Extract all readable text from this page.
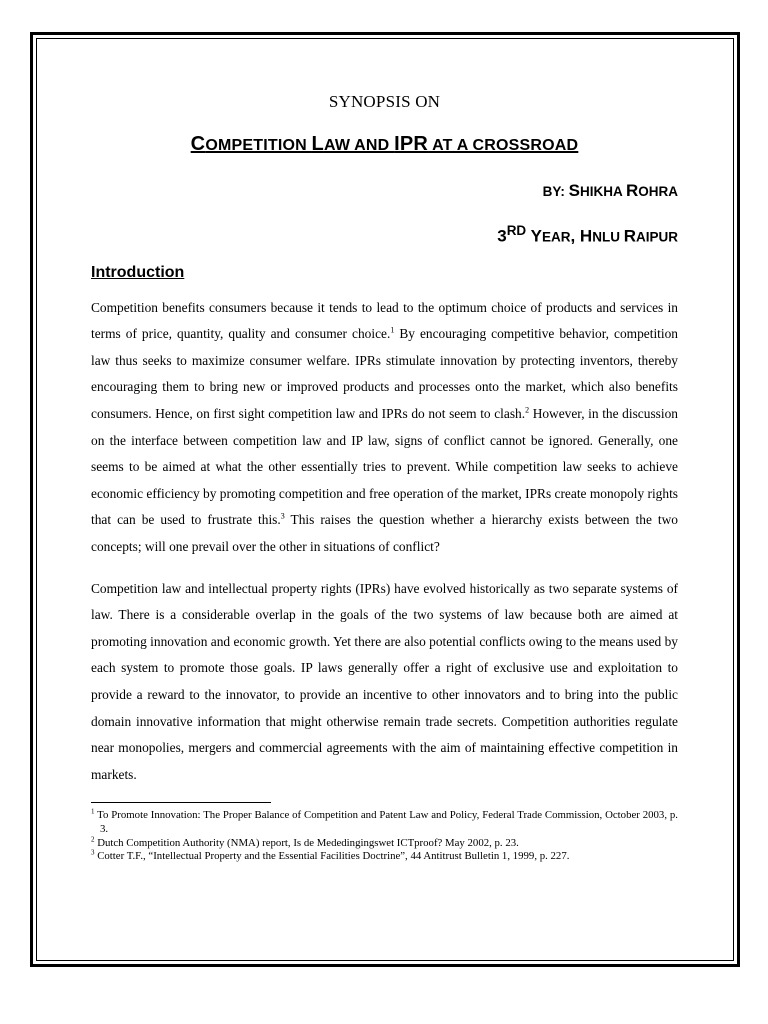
SYNOPSIS ON

COMPETITION LAW AND IPR AT A CROSSROAD

BY: SHIKHA ROHRA

3RD YEAR, HNLU RAIPUR

Introduction

Competition benefits consumers because it tends to lead to the optimum choice of products and services in terms of price, quantity, quality and consumer choice.$^1$ By encouraging competitive behavior, competition law thus seeks to maximize consumer welfare. IPRs stimulate innovation by protecting inventors, thereby encouraging them to bring new or improved products and processes onto the market, which also benefits consumers. Hence, on first sight competition law and IPRs do not seem to clash.$^2$ However, in the discussion on the interface between competition law and IP law, signs of conflict cannot be ignored. Generally, one seems to be aimed at what the other essentially tries to prevent. While competition law seeks to achieve economic efficiency by promoting competition and free operation of the market, IPRs create monopoly rights that can be used to frustrate this.$^3$ This raises the question whether a hierarchy exists between the two concepts; will one prevail over the other in situations of conflict?

Competition law and intellectual property rights (IPRs) have evolved historically as two separate systems of law. There is a considerable overlap in the goals of the two systems of law because both are aimed at promoting innovation and economic growth. Yet there are also potential conflicts owing to the means used by each system to promote those goals. IP laws generally offer a right of exclusive use and exploitation to provide a reward to the innovator, to provide an incentive to other innovators and to bring into the public domain innovative information that might otherwise remain trade secrets. Competition authorities regulate near monopolies, mergers and commercial agreements with the aim of maintaining effective competition in markets.

$^1$ To Promote Innovation: The Proper Balance of Competition and Patent Law and Policy, Federal Trade Commission, October 2003, p. 3.

$^2$ Dutch Competition Authority (NMA) report, Is de Mededingingswet ICTproof? May 2002, p. 23.

$^3$ Cotter T.F., “Intellectual Property and the Essential Facilities Doctrine”, 44 Antitrust Bulletin 1, 1999, p. 227.
